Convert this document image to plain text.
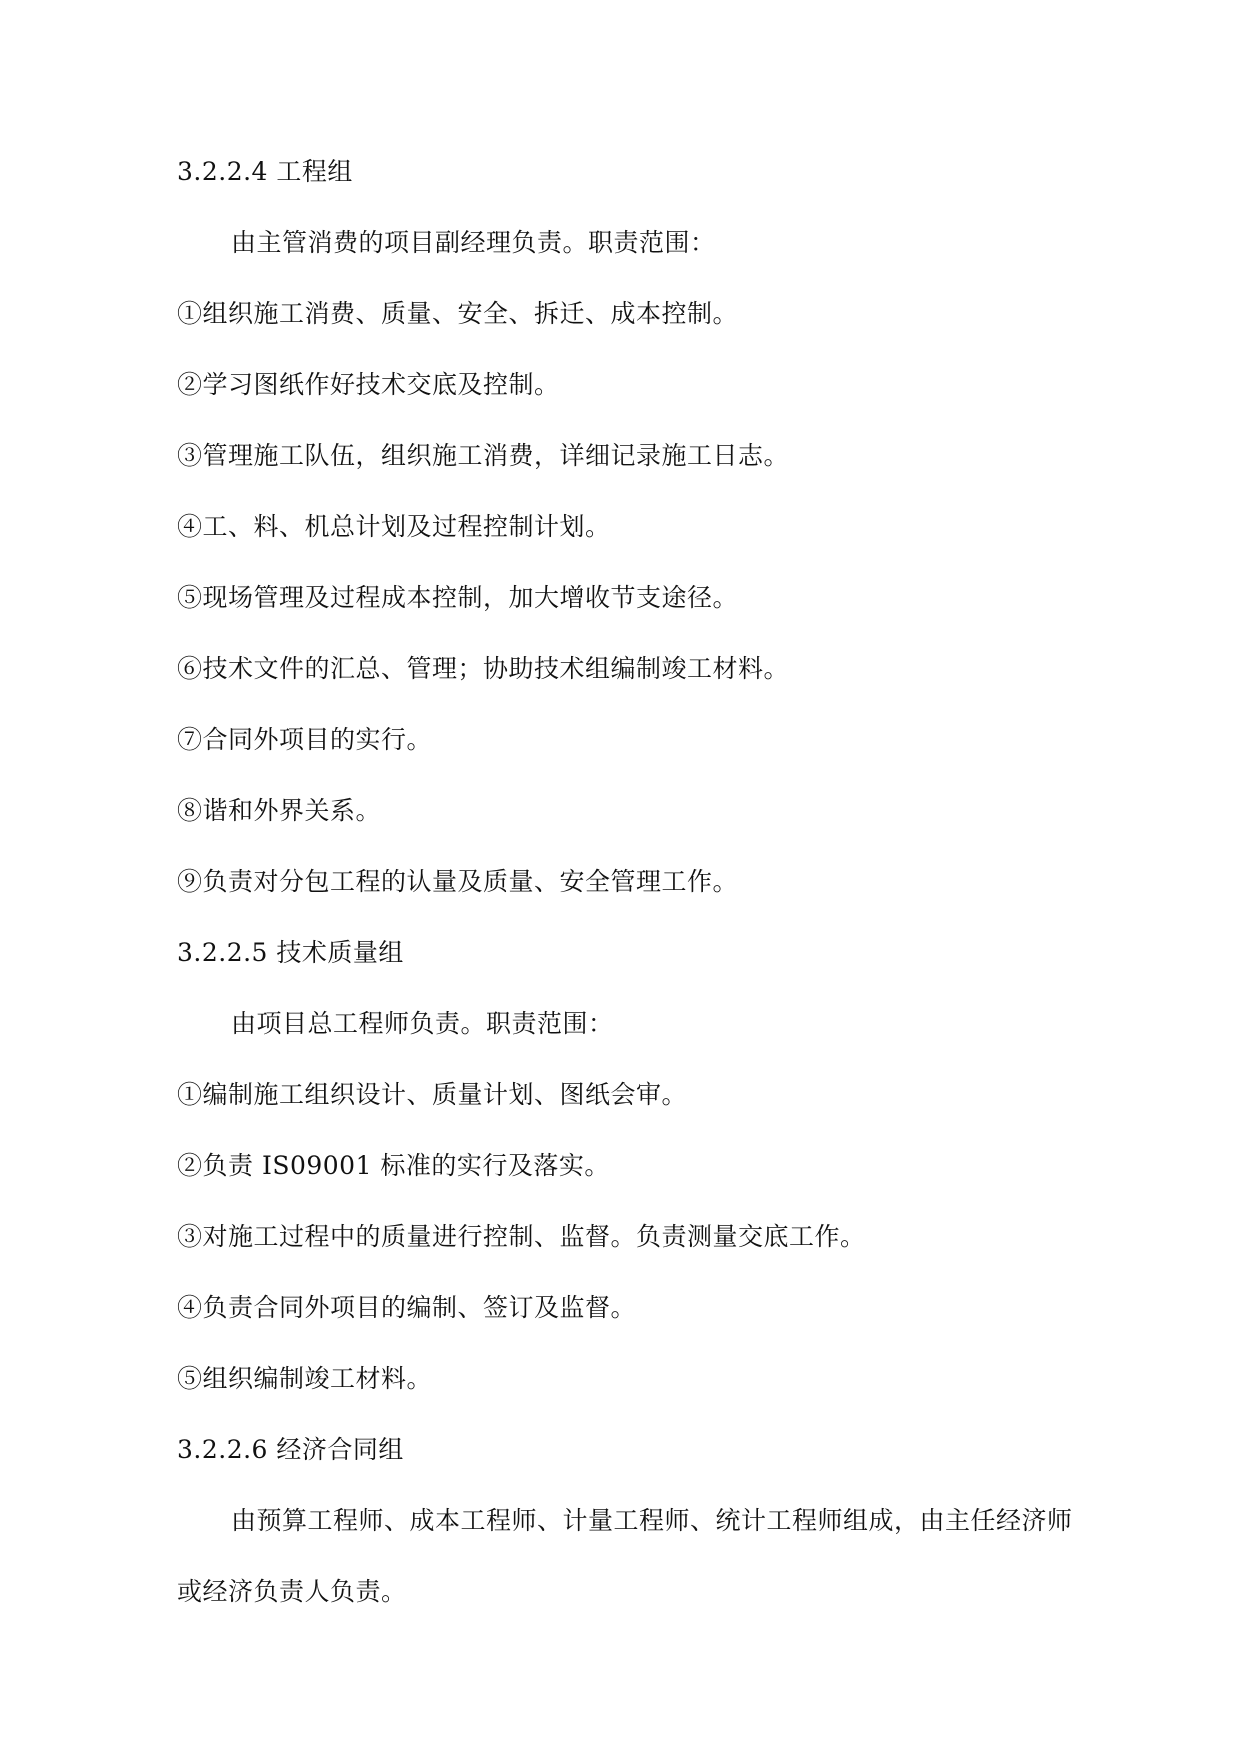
3.2.2.4 工程组
由主管消费的项目副经理负责。职责范围：
①组织施工消费、质量、安全、拆迁、成本控制。
②学习图纸作好技术交底及控制。
③管理施工队伍，组织施工消费，详细记录施工日志。
④工、料、机总计划及过程控制计划。
⑤现场管理及过程成本控制，加大增收节支途径。
⑥技术文件的汇总、管理；协助技术组编制竣工材料。
⑦合同外项目的实行。
⑧谐和外界关系。
⑨负责对分包工程的认量及质量、安全管理工作。
3.2.2.5 技术质量组
由项目总工程师负责。职责范围：
①编制施工组织设计、质量计划、图纸会审。
②负责 IS09001 标准的实行及落实。
③对施工过程中的质量进行控制、监督。负责测量交底工作。
④负责合同外项目的编制、签订及监督。
⑤组织编制竣工材料。
3.2.2.6 经济合同组
由预算工程师、成本工程师、计量工程师、统计工程师组成，由主任经济师
或经济负责人负责。
